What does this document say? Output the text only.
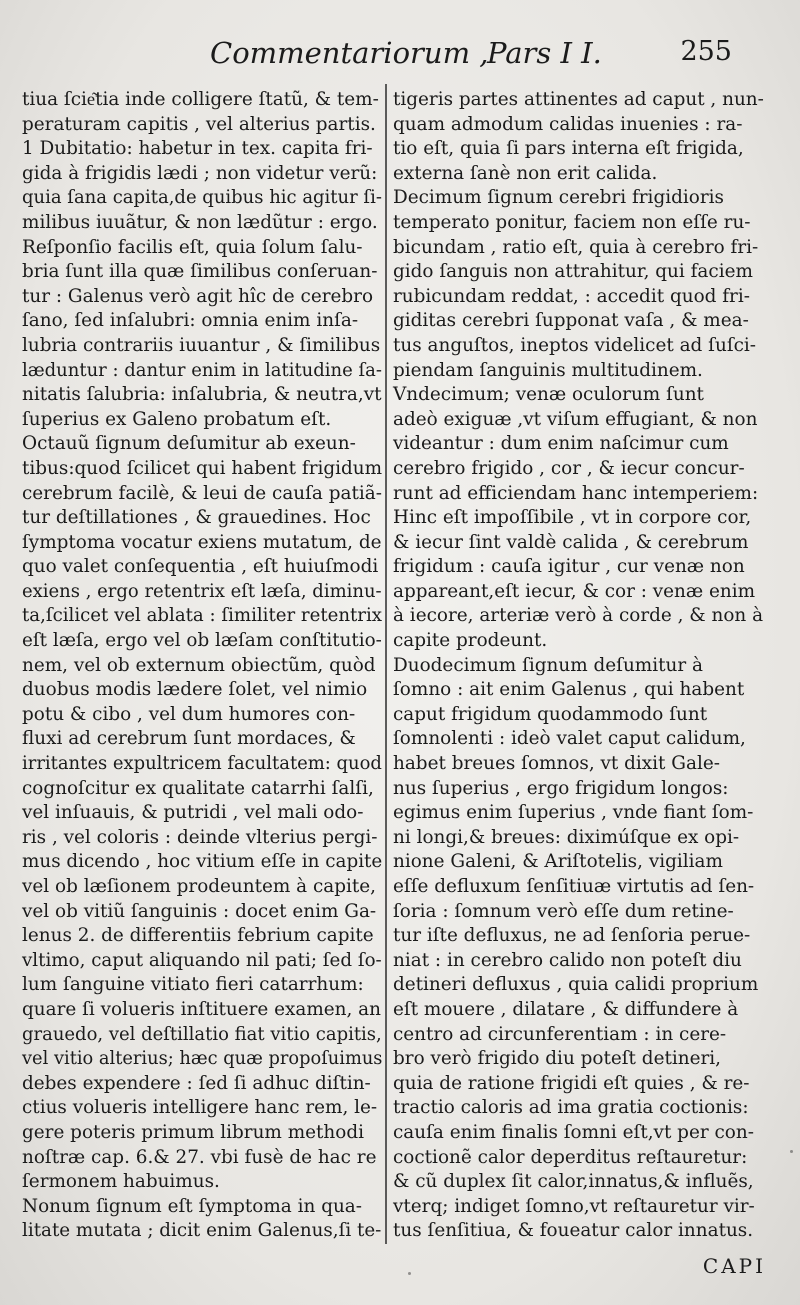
Commentariorum ,
Pars I I.	255
tiua ſcie͂tia inde colligere ſtatũ, & tem-
peraturam capitis , vel alterius partis.
1 Dubitatio: habetur in tex. capita fri-
gida à frigidis lædi ; non videtur verũ:
quia ſana capita,de quibus hic agitur ſi-
milibus iuuãtur, & non lædũtur : ergo.
Reſponſio facilis eſt, quia ſolum ſalu-
bria ſunt illa quæ ſimilibus conſeruan-
tur : Galenus verò agit hîc de cerebro
ſano, ſed inſalubri: omnia enim inſa-
lubria contrariis iuuantur , & ſimilibus
læduntur : dantur enim in latitudine ſa-
nitatis ſalubria: inſalubria, & neutra,vt
ſuperius ex Galeno probatum eſt.
Octauũ ſignum deſumitur ab exeun-
tibus:quod ſcilicet qui habent frigidum
cerebrum facilè, & leui de cauſa patiã-
tur deſtillationes , & grauedines. Hoc
ſymptoma vocatur exiens mutatum, de
quo valet conſequentia , eſt huiuſmodi
exiens , ergo retentrix eſt læſa, diminu-
ta,ſcilicet vel ablata : ſimiliter retentrix
eſt læſa, ergo vel ob læſam conſtitutio-
nem, vel ob externum obiectũm, quòd
duobus modis lædere ſolet, vel nimio
potu & cibo , vel dum humores con-
fluxi ad cerebrum ſunt mordaces, &
irritantes expultricem facultatem: quod
cognoſcitur ex qualitate catarrhi ſalſi,
vel inſuauis, & putridi , vel mali odo-
ris , vel coloris : deinde vlterius pergi-
mus dicendo , hoc vitium eſſe in capite
vel ob læſionem prodeuntem à capite,
vel ob vitiũ ſanguinis : docet enim Ga-
lenus 2. de differentiis febrium capite
vltimo, caput aliquando nil pati; ſed ſo-
lum ſanguine vitiato fieri catarrhum:
quare ſi volueris inſtituere examen, an
grauedo, vel deſtillatio fiat vitio capitis,
vel vitio alterius; hæc quæ propoſuimus
debes expendere : ſed ſi adhuc diſtin-
ctius volueris intelligere hanc rem, le-
gere poteris primum librum methodi
noſtræ cap. 6.& 27. vbi fusè de hac re
ſermonem habuimus.
Nonum ſignum eſt ſymptoma in qua-
litate mutata ; dicit enim Galenus,ſi te-
tigeris partes attinentes ad caput , nun-
quam admodum calidas inuenies : ra-
tio eſt, quia ſi pars interna eſt frigida,
externa ſanè non erit calida.
Decimum ſignum cerebri frigidioris
temperato ponitur, faciem non eſſe ru-
bicundam , ratio eſt, quia à cerebro fri-
gido ſanguis non attrahitur, qui faciem
rubicundam reddat, : accedit quod fri-
giditas cerebri ſupponat vaſa , & mea-
tus anguſtos, ineptos videlicet ad ſuſci-
piendam ſanguinis multitudinem.
Vndecimum; venæ oculorum ſunt
adeò exiguæ ,vt viſum effugiant, & non
videantur : dum enim naſcimur cum
cerebro frigido , cor , & iecur concur-
runt ad efficiendam hanc intemperiem:
Hinc eſt impoſſibile , vt in corpore cor,
& iecur ſint valdè calida , & cerebrum
frigidum : cauſa igitur , cur venæ non
appareant,eſt iecur, & cor : venæ enim
à iecore, arteriæ verò à corde , & non à
capite prodeunt.
Duodecimum ſignum deſumitur à
ſomno : ait enim Galenus , qui habent
caput frigidum quodammodo ſunt
ſomnolenti : ideò valet caput calidum,
habet breues ſomnos, vt dixit Gale-
nus ſuperius , ergo frigidum longos:
egimus enim ſuperius , vnde fiant ſom-
ni longi,& breues: diximúſque ex opi-
nione Galeni, & Ariſtotelis, vigiliam
eſſe defluxum ſenſitiuæ virtutis ad ſen-
ſoria : ſomnum verò eſſe dum retine-
tur iſte defluxus, ne ad ſenſoria perue-
niat : in cerebro calido non poteſt diu
detineri defluxus , quia calidi proprium
eſt mouere , dilatare , & diffundere à
centro ad circunferentiam : in cere-
bro verò frigido diu poteſt detineri,
quia de ratione frigidi eſt quies , & re-
tractio caloris ad ima gratia coctionis:
cauſa enim finalis ſomni eſt,vt per con-
coctionẽ calor deperditus reſtauretur:
& cũ duplex ſit calor,innatus,& influẽs,
vterq; indiget ſomno,vt reſtauretur vir-
tus ſenſitiua, & foueatur calor innatus.
CAPI
